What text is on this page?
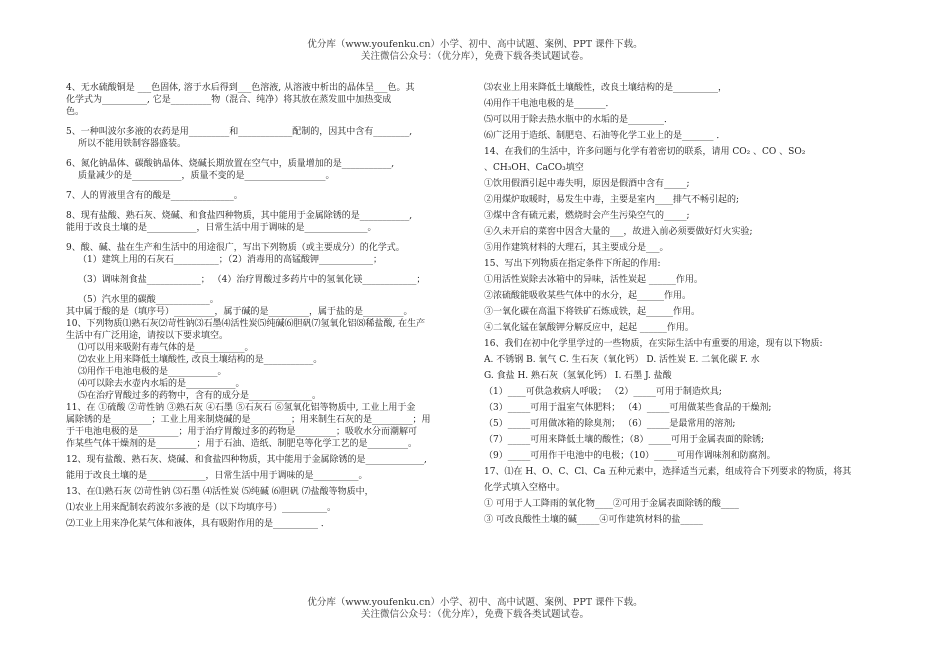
优分库（www.youfenku.cn）小学、初中、高中试题、案例、PPT 课件下载。
关注微信公众号：（优分库），免费下载各类试题试卷。

4、无水硫酸铜是 ___色固体, 溶于水后得到___色溶液, 从溶液中析出的晶体呈___色。其

化学式为__________, 它是_________物（混合、纯净）将其放在蒸发皿中加热变成

色。

5、一种叫波尔多液的农药是用_________和____________配制的，因其中含有________,

所以不能用铁制容器盛装。

6、氮化钠晶体、碳酸钠晶体、烧碱长期放置在空气中，质量增加的是___________,

质量减少的是___________，质量不变的是__________________。

7、人的胃液里含有的酸是______________。

8、现有盐酸、熟石灰、烧碱、和食盐四种物质，其中能用于金属除锈的是___________,

能用于改良土壤的是___________，日常生活中用于调味的是______________。

9、酸、碱、盐在生产和生活中的用途很广，写出下列物质（或主要成分）的化学式。

（1）建筑上用的石灰石__________；（2）消毒用的高锰酸钾____________；

（3）调味剂食盐____________； （4）治疗胃酸过多药片中的氢氧化镁____________；

（5）汽水里的碳酸____________。

其中属于酸的是（填序号）_________，属于碱的是_________，属于盐的是_________。

10、下列物质⑴熟石灰⑵苛性钠⑶石墨⑷活性炭⑸纯碱⑹胆矾⑺氢氧化铝⑻稀盐酸, 在生产

生活中有广泛用途，请按以下要求填空。

⑴可以用来吸附有毒气体的是___________。

⑵农业上用来降低土壤酸性, 改良土壤结构的是___________。

⑶用作干电池电极的是___________。

⑷可以除去水壶内水垢的是___________。

⑸在治疗胃酸过多的药物中，含有的成分是______________。

11、在 ①硫酸 ②苛性钠 ③熟石灰 ④石墨 ⑤石灰石 ⑥氢氧化铝等物质中, 工业上用于金

属除锈的是_________；工业上用来制烧碱的是_________；用来制生石灰的是_________；用

于干电池电极的是_________；用于治疗胃酸过多的药物是_________；吸收水分而潮解可

作某些气体干燥剂的是_________；用于石油、造纸、制肥皂等化学工艺的是_________。

12、现有盐酸、熟石灰、烧碱、和食盐四种物质，其中能用于金属除锈的是_____________,

能用于改良土壤的是_____________，日常生活中用于调味的是__________。

13、在⑴熟石灰 ⑵苛性钠 ⑶石墨 ⑷活性炭 ⑸纯碱 ⑹胆矾 ⑺盐酸等物质中，

⑴农业上用来配制农药波尔多液的是（以下均填序号）__________。

⑵工业上用来净化某气体和液体，具有吸附作用的是__________ ．

⑶农业上用来降低土壤酸性，改良土壤结构的是__________，

⑷用作干电池电极的是_______．

⑸可以用于除去热水瓶中的水垢的是________．

⑹广泛用于造纸、制肥皂、石油等化学工业上的是_______ ．

14、在我们的生活中，许多问题与化学有着密切的联系，请用 CO₂ 、CO 、SO₂

、CH₃OH、CaCO₃填空

①饮用假酒引起中毒失明，原因是假酒中含有_____;

②用煤炉取暖时，易发生中毒，主要是室内____排气不畅引起的;

③煤中含有硫元素，燃烧时会产生污染空气的_____;

④久未开启的菜窖中因含大量的___，故进入前必须要做好灯火实验;

⑤用作建筑材料的大理石，其主要成分是___。

15、写出下列物质在指定条件下所起的作用:

①用活性炭除去冰箱中的异味，活性炭起 ______作用。

②浓硫酸能吸收某些气体中的水分，起______作用。

③一氧化碳在高温下将铁矿石炼成铁，起______作用。

④二氧化锰在氯酸钾分解反应中，起起 ______作用。

16、我们在初中化学里学过的一些物质，在实际生活中有重要的用途，现有以下物质:

A. 不锈钢 B. 氧气 C. 生石灰（氧化钙） D. 活性炭 E. 二氧化碳 F. 水

G. 食盐 H. 熟石灰（氢氧化钙） I. 石墨 J. 盐酸

（1）____可供急救病人呼吸； （2）_____可用于制造炊具;

（3）_____可用于温室气体肥料； （4）_____可用做某些食品的干燥剂;

（5）_____可用做冰箱的除臭剂； （6）_____是最常用的溶剂;

（7）_____可用来降低土壤的酸性；（8）_____可用于金属表面的除锈;

（9）_____可用作干电池中的电极；（10）_____可用作调味剂和防腐剂。

17、⑴在 H、O、C、Cl、Ca 五种元素中，选择适当元素，组成符合下列要求的物质，将其

化学式填入空格中。

① 可用于人工降雨的氧化物____②可用于金属表面除锈的酸____

③ 可改良酸性土壤的碱_____④可作建筑材料的盐_____

优分库（www.youfenku.cn）小学、初中、高中试题、案例、PPT 课件下载。
关注微信公众号：（优分库），免费下载各类试题试卷。
